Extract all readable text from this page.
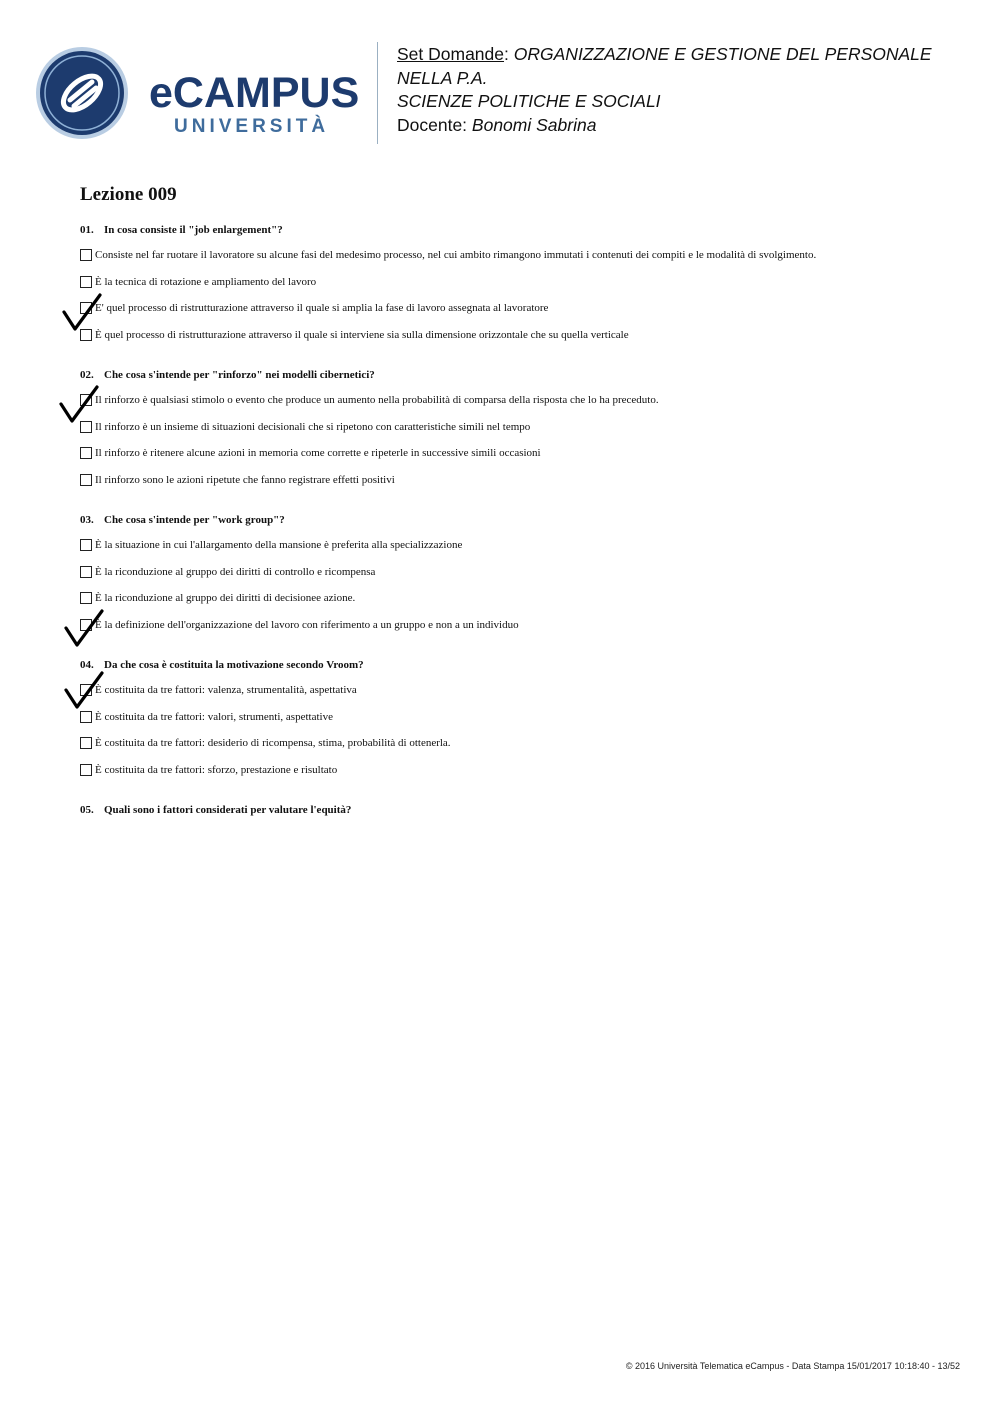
eCAMPUS
UNIVERSITÀ
Set Domande: ORGANIZZAZIONE E GESTIONE DEL PERSONALE
NELLA P.A.
SCIENZE POLITICHE E SOCIALI
Docente: Bonomi Sabrina
Lezione 009
01. In cosa consiste il "job enlargement"?
Consiste nel far ruotare il lavoratore su alcune fasi del medesimo processo, nel cui ambito rimangono immutati i contenuti dei compiti e le modalità di svolgimento.
È la tecnica di rotazione e ampliamento del lavoro
E' quel processo di ristrutturazione attraverso il quale si amplia la fase di lavoro assegnata al lavoratore
È quel processo di ristrutturazione attraverso il quale si interviene sia sulla dimensione orizzontale che su quella verticale
02. Che cosa s'intende per "rinforzo" nei modelli cibernetici?
Il rinforzo è qualsiasi stimolo o evento che produce un aumento nella probabilità di comparsa della risposta che lo ha preceduto.
Il rinforzo è un insieme di situazioni decisionali che si ripetono con caratteristiche simili nel tempo
Il rinforzo è ritenere alcune azioni in memoria come corrette e ripeterle in successive simili occasioni
Il rinforzo sono le azioni ripetute che fanno registrare effetti positivi
03. Che cosa s'intende per "work group"?
È la situazione in cui l'allargamento della mansione è preferita alla specializzazione
È la riconduzione al gruppo dei diritti di controllo e ricompensa
È la riconduzione al gruppo dei diritti di decisionee azione.
È la definizione dell'organizzazione del lavoro con riferimento a un gruppo e non a un individuo
04. Da che cosa è costituita la motivazione secondo Vroom?
È costituita da tre fattori: valenza, strumentalità, aspettativa
È costituita da tre fattori: valori, strumenti, aspettative
È costituita da tre fattori: desiderio di ricompensa, stima, probabilità di ottenerla.
È costituita da tre fattori: sforzo, prestazione e risultato
05. Quali sono i fattori considerati per valutare l'equità?
© 2016 Università Telematica eCampus - Data Stampa 15/01/2017 10:18:40 - 13/52
